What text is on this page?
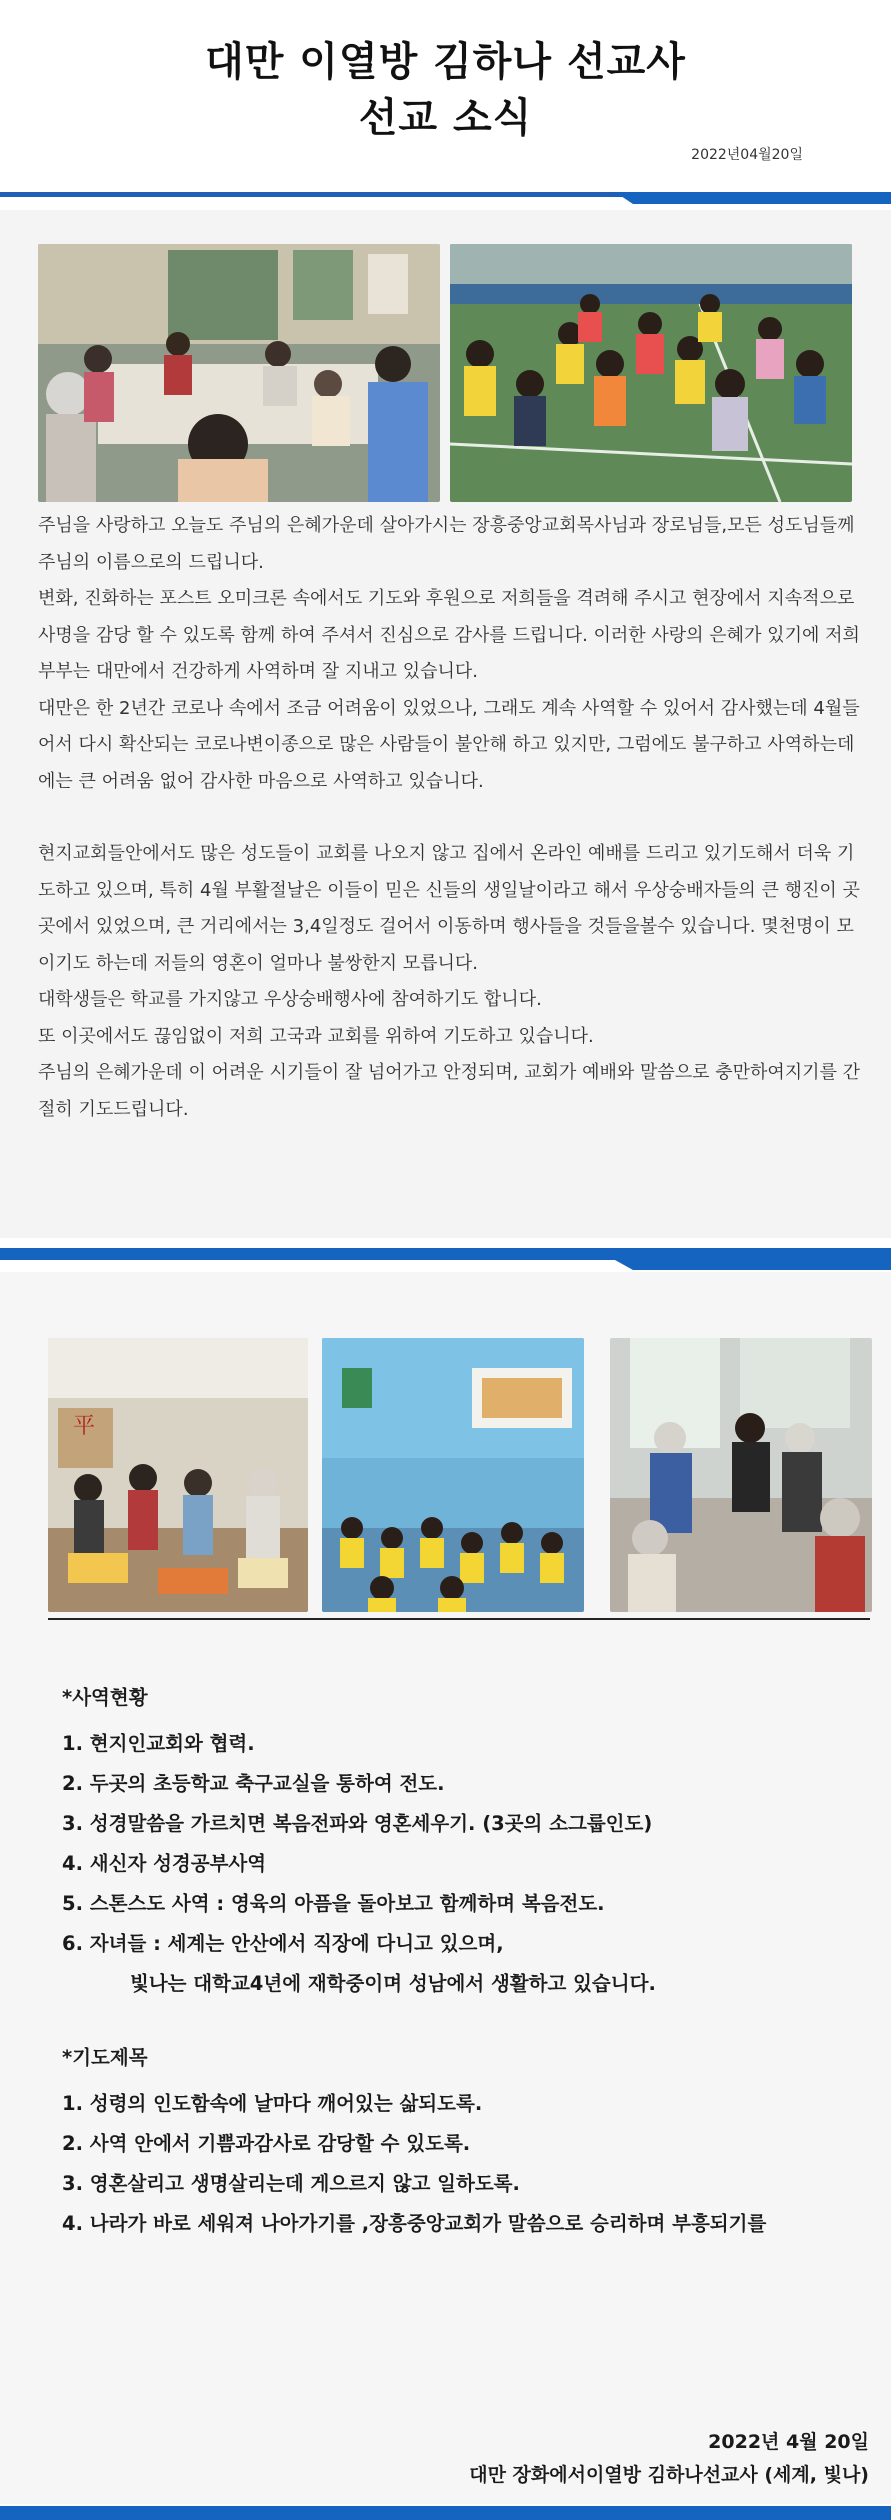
대만 이열방 김하나 선교사
선교 소식
2022년04월20일

주님을 사랑하고 오늘도 주님의 은혜가운데 살아가시는 장흥중앙교회목사님과 장로님들,모든 성도님들께 주님의 이름으로의 드립니다.

변화, 진화하는 포스트 오미크론 속에서도 기도와 후원으로 저희들을 격려해 주시고 현장에서 지속적으로 사명을 감당 할 수 있도록 함께 하여 주셔서 진심으로 감사를 드립니다. 이러한 사랑의 은혜가 있기에 저희부부는 대만에서 건강하게 사역하며 잘 지내고 있습니다.

대만은 한 2년간 코로나 속에서 조금 어려움이 있었으나, 그래도 계속 사역할 수 있어서 감사했는데 4월들어서 다시 확산되는 코로나변이종으로 많은 사람들이 불안해 하고 있지만, 그럼에도 불구하고 사역하는데에는 큰 어려움 없어 감사한 마음으로 사역하고 있습니다.

현지교회들안에서도 많은 성도들이 교회를 나오지 않고 집에서 온라인 예배를 드리고 있기도해서 더욱 기도하고 있으며, 특히 4월 부활절날은 이들이 믿은 신들의 생일날이라고 해서 우상숭배자들의 큰 행진이 곳곳에서 있었으며, 큰 거리에서는 3,4일정도 걸어서 이동하며 행사들을 것들을볼수 있습니다. 몇천명이 모이기도 하는데 저들의 영혼이 얼마나 불쌍한지 모릅니다.

대학생들은 학교를 가지않고 우상숭배행사에 참여하기도 합니다.

또 이곳에서도 끊임없이 저희 고국과 교회를 위하여 기도하고 있습니다.

주님의 은혜가운데 이 어려운 시기들이 잘 넘어가고 안정되며, 교회가 예배와 말씀으로 충만하여지기를 간절히 기도드립니다.

平
*사역현황
1. 현지인교회와 협력.
2. 두곳의 초등학교 축구교실을 통하여 전도.
3. 성경말씀을 가르치면 복음전파와 영혼세우기. (3곳의 소그룹인도)
4. 새신자 성경공부사역
5. 스톤스도 사역 : 영육의 아픔을 돌아보고 함께하며 복음전도.
6. 자녀들 : 세계는 안산에서 직장에 다니고 있으며,
빛나는 대학교4년에 재학중이며 성남에서 생활하고 있습니다.
*기도제목
1. 성령의 인도함속에 날마다 깨어있는 삶되도록.
2. 사역 안에서 기쁨과감사로 감당할 수 있도록.
3. 영혼살리고 생명살리는데 게으르지 않고 일하도록.
4. 나라가 바로 세워져 나아가기를 ,장흥중앙교회가 말씀으로 승리하며 부흥되기를
2022년 4월 20일
대만 장화에서이열방 김하나선교사 (세계, 빛나)
